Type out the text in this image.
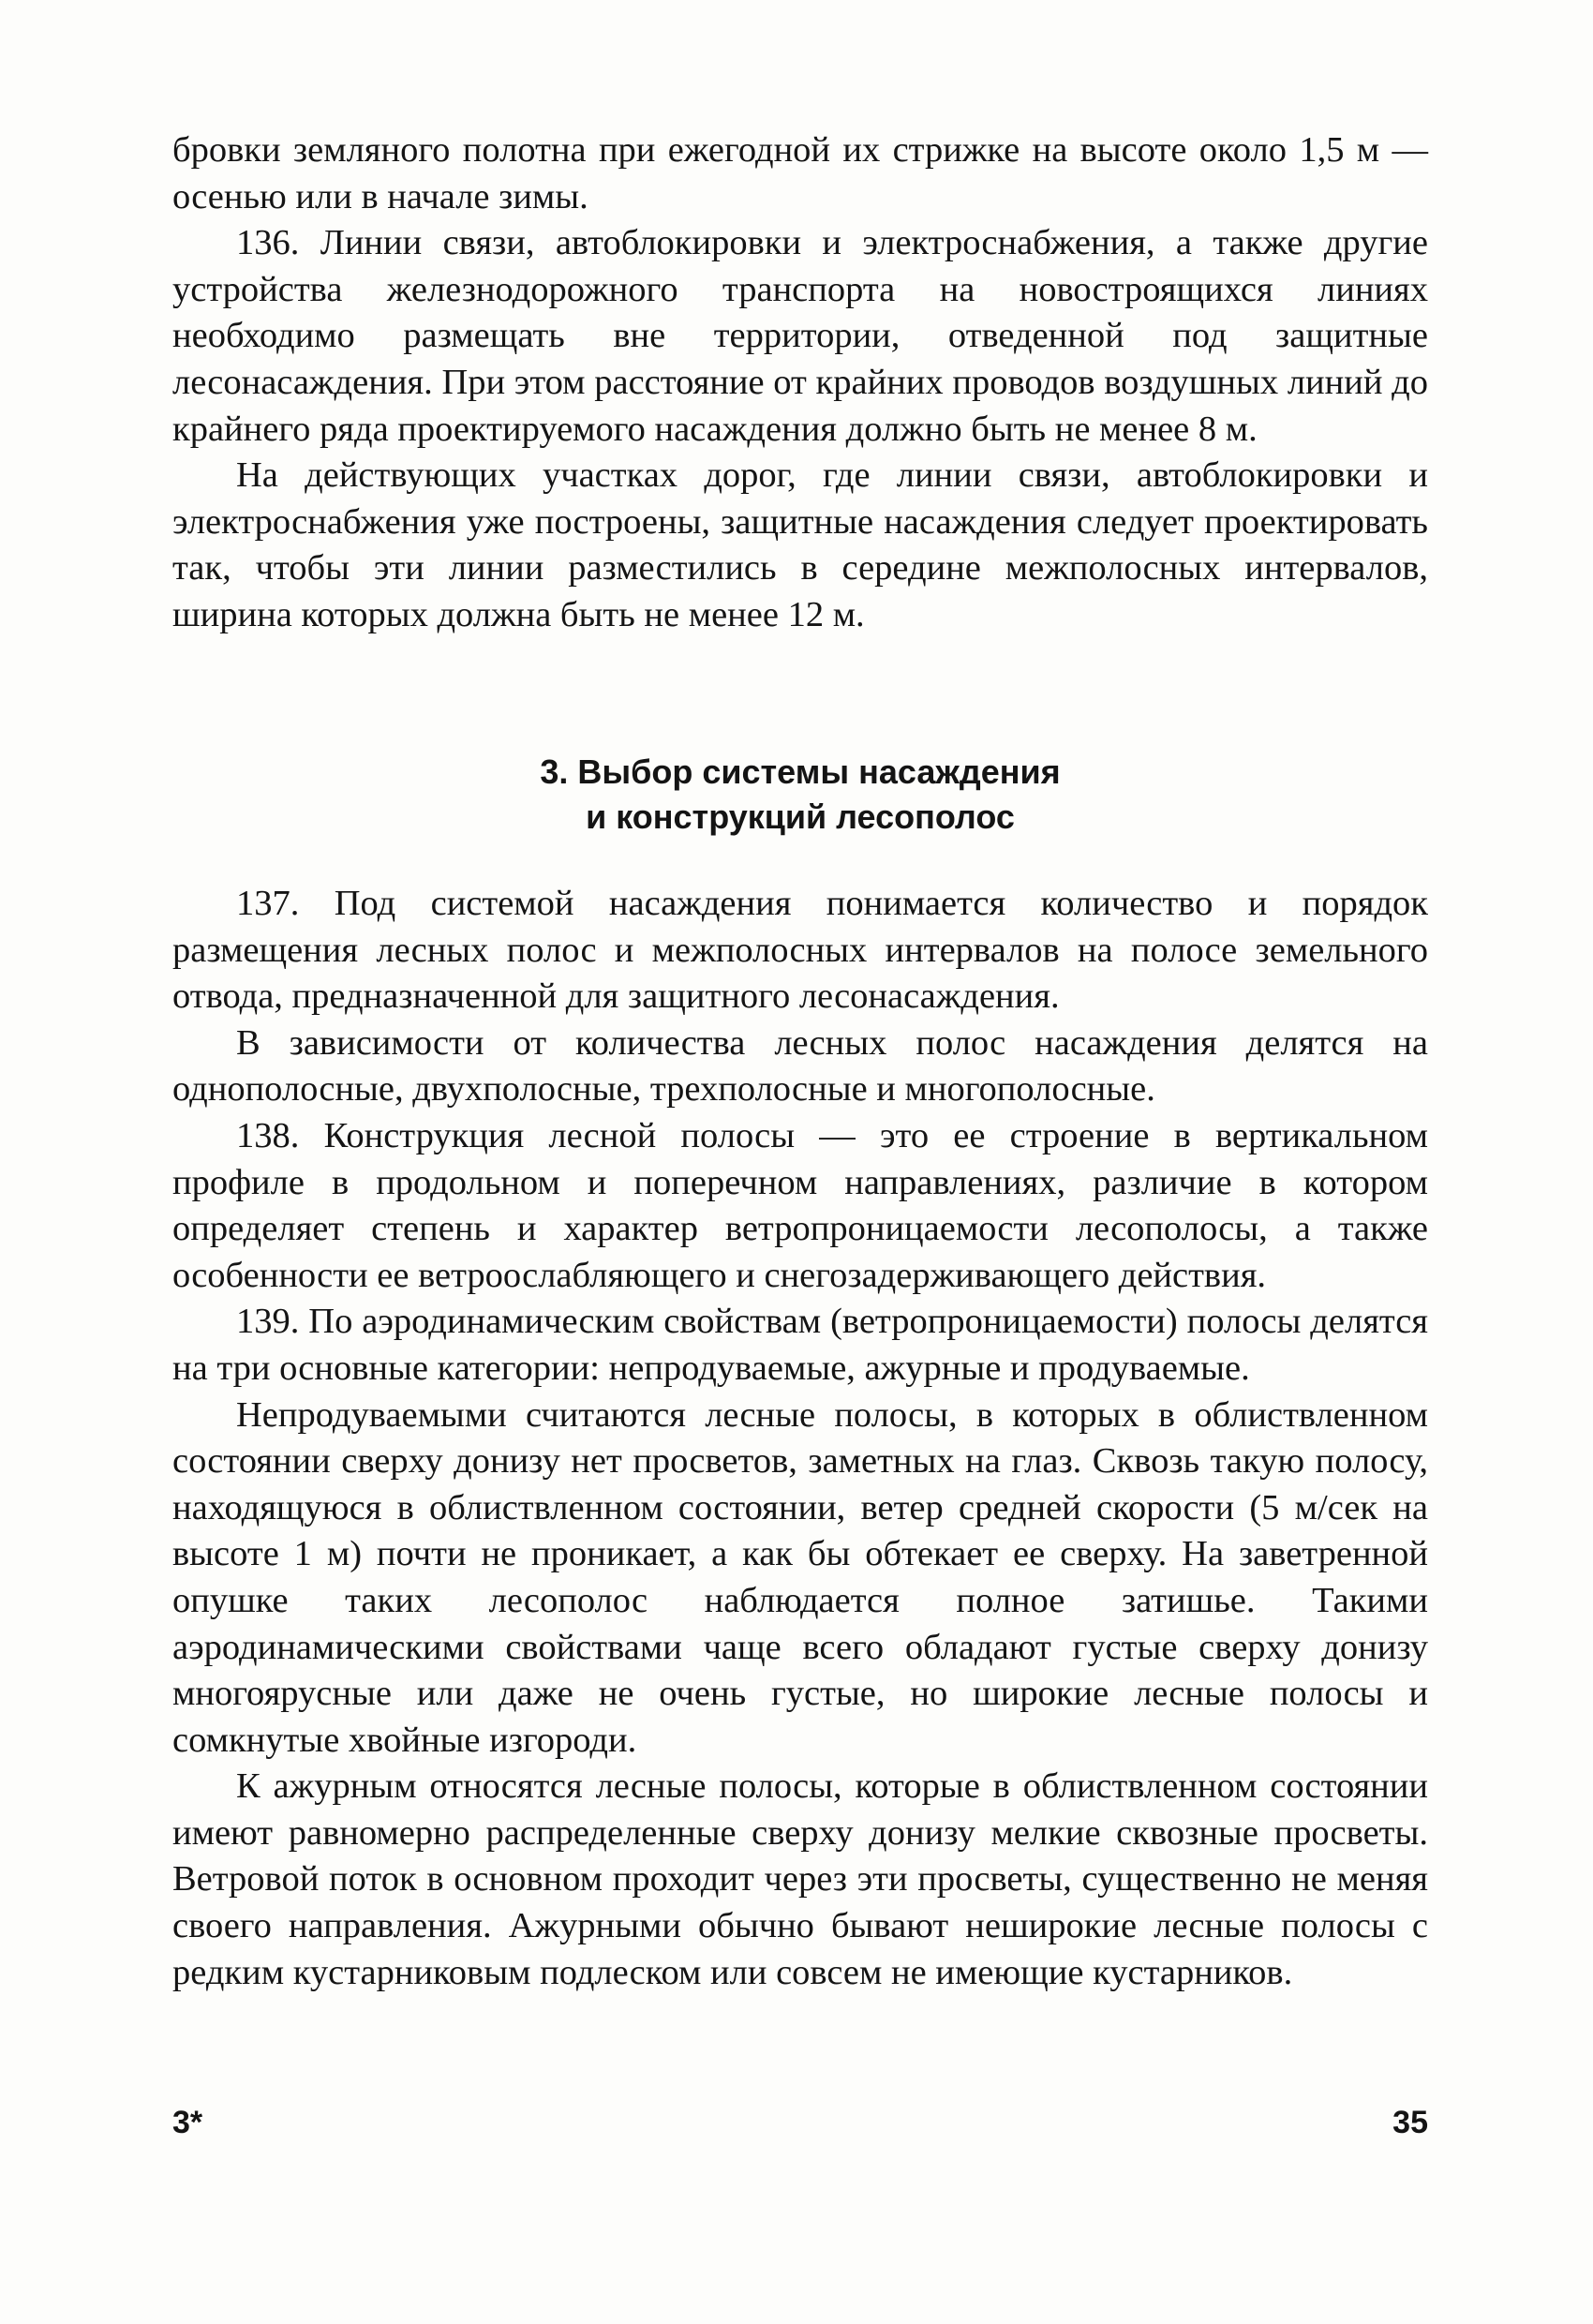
бровки земляного полотна при ежегодной их стрижке на высоте около 1,5 м — осенью или в начале зимы.

136. Линии связи, автоблокировки и электроснабжения, а также другие устройства железнодорожного транспорта на новостроящихся линиях необходимо размещать вне территории, отведенной под защитные лесонасаждения. При этом расстояние от крайних проводов воздушных линий до крайнего ряда проектируемого насаждения должно быть не менее 8 м.

На действующих участках дорог, где линии связи, автоблокировки и электроснабжения уже построены, защитные насаждения следует проектировать так, чтобы эти линии разместились в середине межполосных интервалов, ширина которых должна быть не менее 12 м.

3. Выбор системы насаждения
и конструкций лесополос

137. Под системой насаждения понимается количество и порядок размещения лесных полос и межполосных интервалов на полосе земельного отвода, предназначенной для защитного лесонасаждения.

В зависимости от количества лесных полос насаждения делятся на однополосные, двухполосные, трехполосные и многополосные.

138. Конструкция лесной полосы — это ее строение в вертикальном профиле в продольном и поперечном направлениях, различие в котором определяет степень и характер ветропроницаемости лесополосы, а также особенности ее ветроослабляющего и снегозадерживающего действия.

139. По аэродинамическим свойствам (ветропроницаемости) полосы делятся на три основные категории: непродуваемые, ажурные и продуваемые.

Непродуваемыми считаются лесные полосы, в которых в облиствленном состоянии сверху донизу нет просветов, заметных на глаз. Сквозь такую полосу, находящуюся в облиствленном состоянии, ветер средней скорости (5 м/сек на высоте 1 м) почти не проникает, а как бы обтекает ее сверху. На заветренной опушке таких лесополос наблюдается полное затишье. Такими аэродинамическими свойствами чаще всего обладают густые сверху донизу многоярусные или даже не очень густые, но широкие лесные полосы и сомкнутые хвойные изгороди.

К ажурным относятся лесные полосы, которые в облиствленном состоянии имеют равномерно распределенные сверху донизу мелкие сквозные просветы. Ветровой поток в основном проходит через эти просветы, существенно не меняя своего направления. Ажурными обычно бывают неширокие лесные полосы с редким кустарниковым подлеском или совсем не имеющие кустарников.

3*	35
